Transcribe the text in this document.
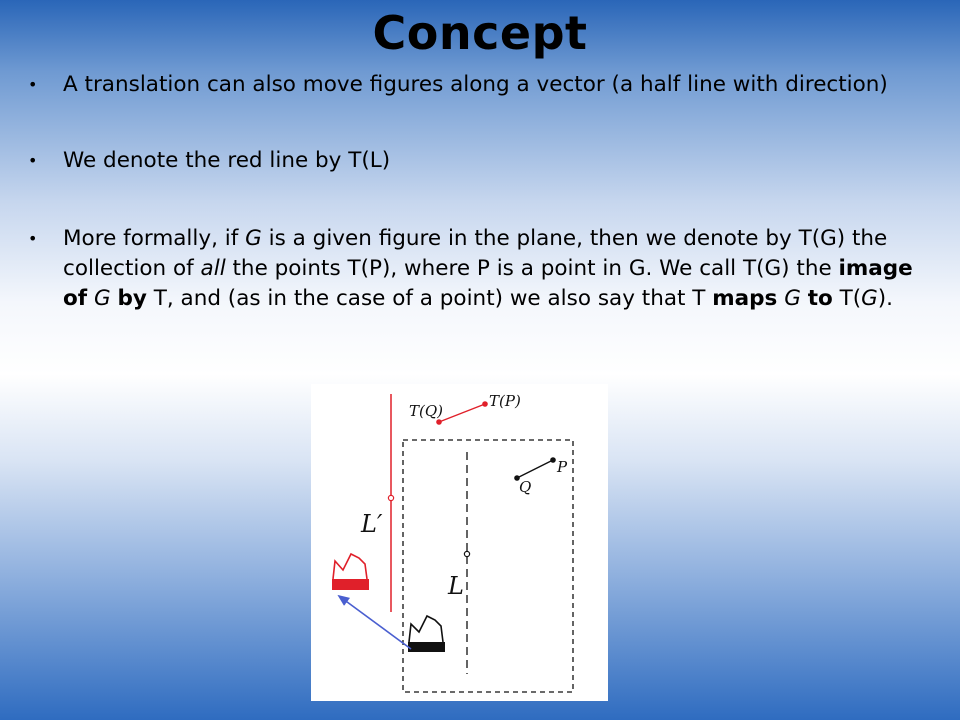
Concept
• A translation can also move figures along a vector (a half line with direction)
• We denote the red line by T(L)
• More formally, if G is a given figure in the plane, then we denote by T(G) the collection of all the points T(P), where P is a point in G. We call T(G) the image of G by T, and (as in the case of a point) we also say that T maps G to T(G).
T(Q)
T(P)
P
Q
L′
L
